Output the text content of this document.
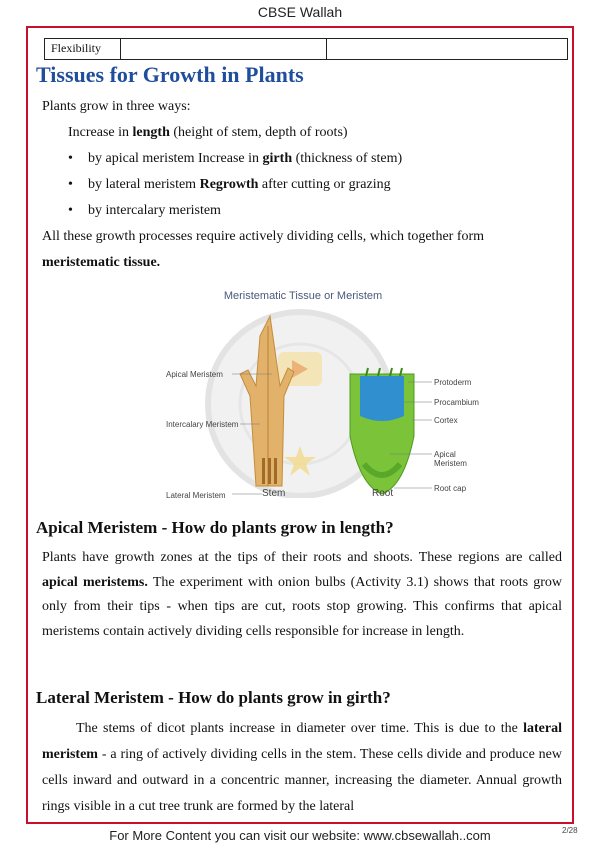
CBSE Wallah
Flexibility
Tissues for Growth in Plants
Plants grow in three ways:
Increase in length (height of stem, depth of roots)
• by apical meristem Increase in girth (thickness of stem)
• by lateral meristem Regrowth after cutting or grazing
• by intercalary meristem
All these growth processes require actively dividing cells, which together form meristematic tissue.
Meristematic Tissue or Meristem
Apical Meristem
Intercalary Meristem
Lateral Meristem
Protoderm
Procambium
Cortex
Apical Meristem
Root cap
Stem	Root
Apical Meristem - How do plants grow in length?
Plants have growth zones at the tips of their roots and shoots. These regions are called apical meristems. The experiment with onion bulbs (Activity 3.1) shows that roots grow only from their tips - when tips are cut, roots stop growing. This confirms that apical meristems contain actively dividing cells responsible for increase in length.
Lateral Meristem - How do plants grow in girth?
The stems of dicot plants increase in diameter over time. This is due to the lateral meristem - a ring of actively dividing cells in the stem. These cells divide and produce new cells inward and outward in a concentric manner, increasing the diameter. Annual growth rings visible in a cut tree trunk are formed by the lateral
For More Content you can visit our website: www.cbsewallah..com	2/28
